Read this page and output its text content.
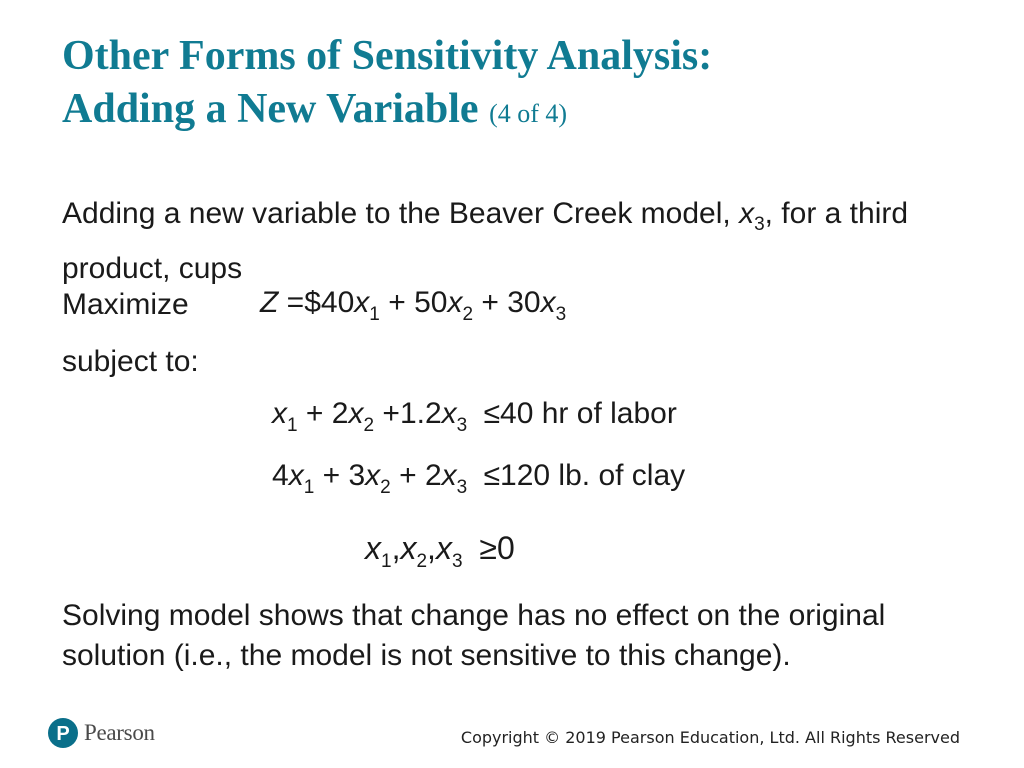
Other Forms of Sensitivity Analysis:
Adding a New Variable (4 of 4)

Adding a new variable to the Beaver Creek model, $x_3$, for a third product, cups

Maximize $Z =\$40x_1 + 50x_2 + 30x_3$
subject to:
$x_1 + 2x_2 +1.2x_3 \le 40$ hr of labor
$4x_1 + 3x_2 + 2x_3 \le 120$ lb. of clay
$x_1,x_2,x_3 \ge 0$

Solving model shows that change has no effect on the original solution (i.e., the model is not sensitive to this change).

P Pearson	Copyright © 2019 Pearson Education, Ltd. All Rights Reserved
